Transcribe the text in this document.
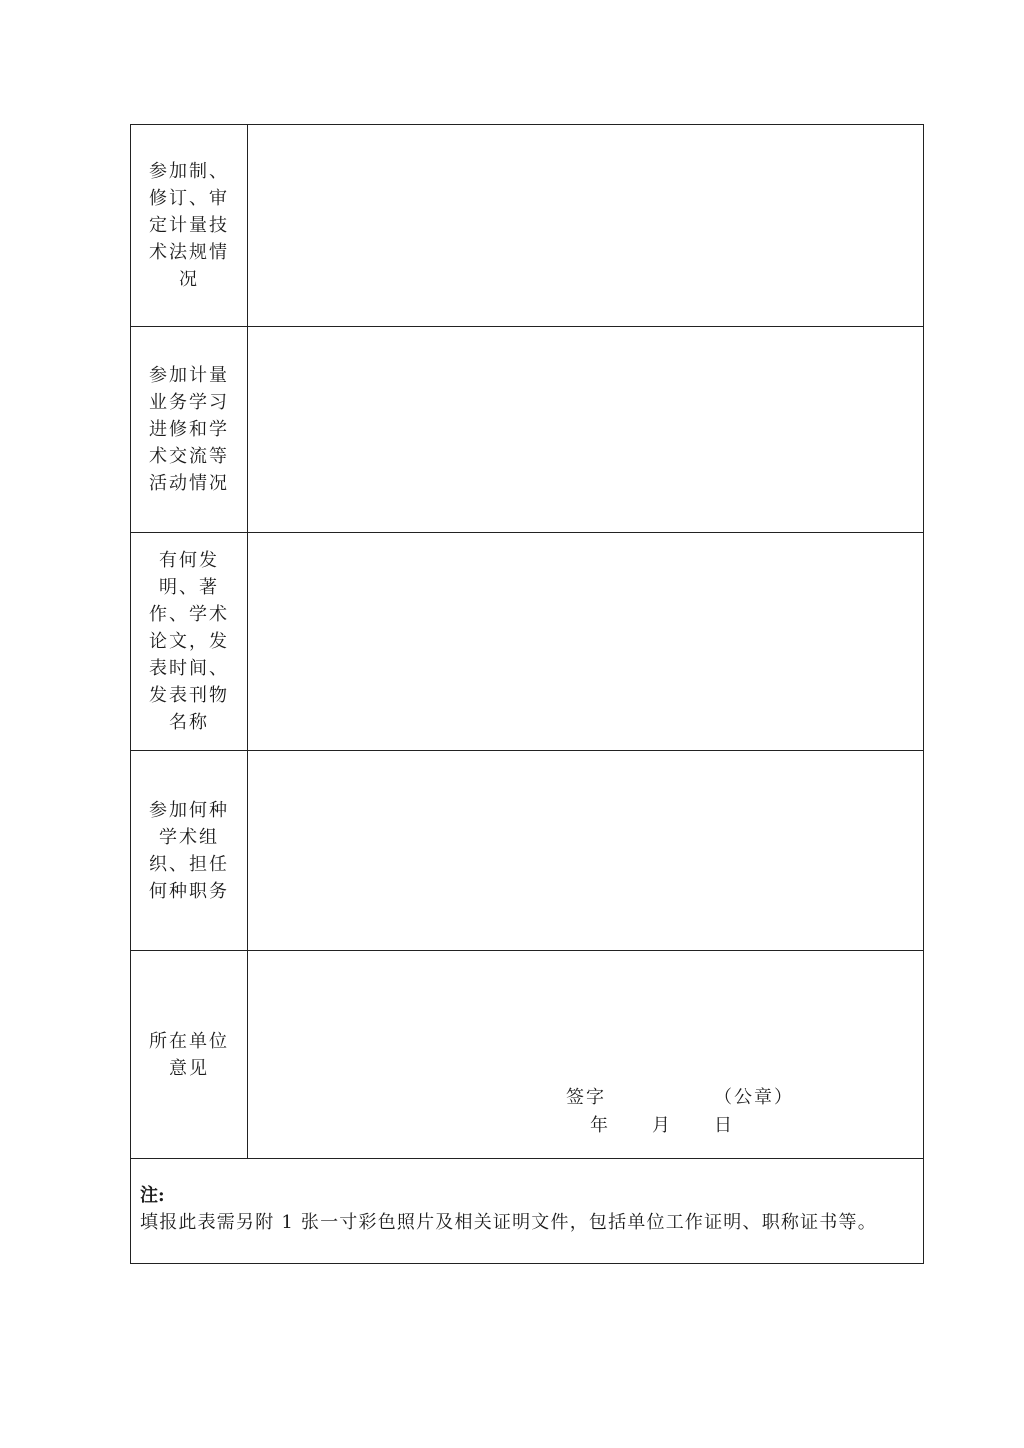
参加制、修订、审定计量技术法规情况	

参加计量业务学习进修和学术交流等活动情况	

有何发明、著作、学术论文，发表时间、发表刊物名称	

参加何种学术组织、担任何种职务	

所在单位意见	签字 （公章）
年 月 日

注:
填报此表需另附 1 张一寸彩色照片及相关证明文件，包括单位工作证明、职称证书等。	
